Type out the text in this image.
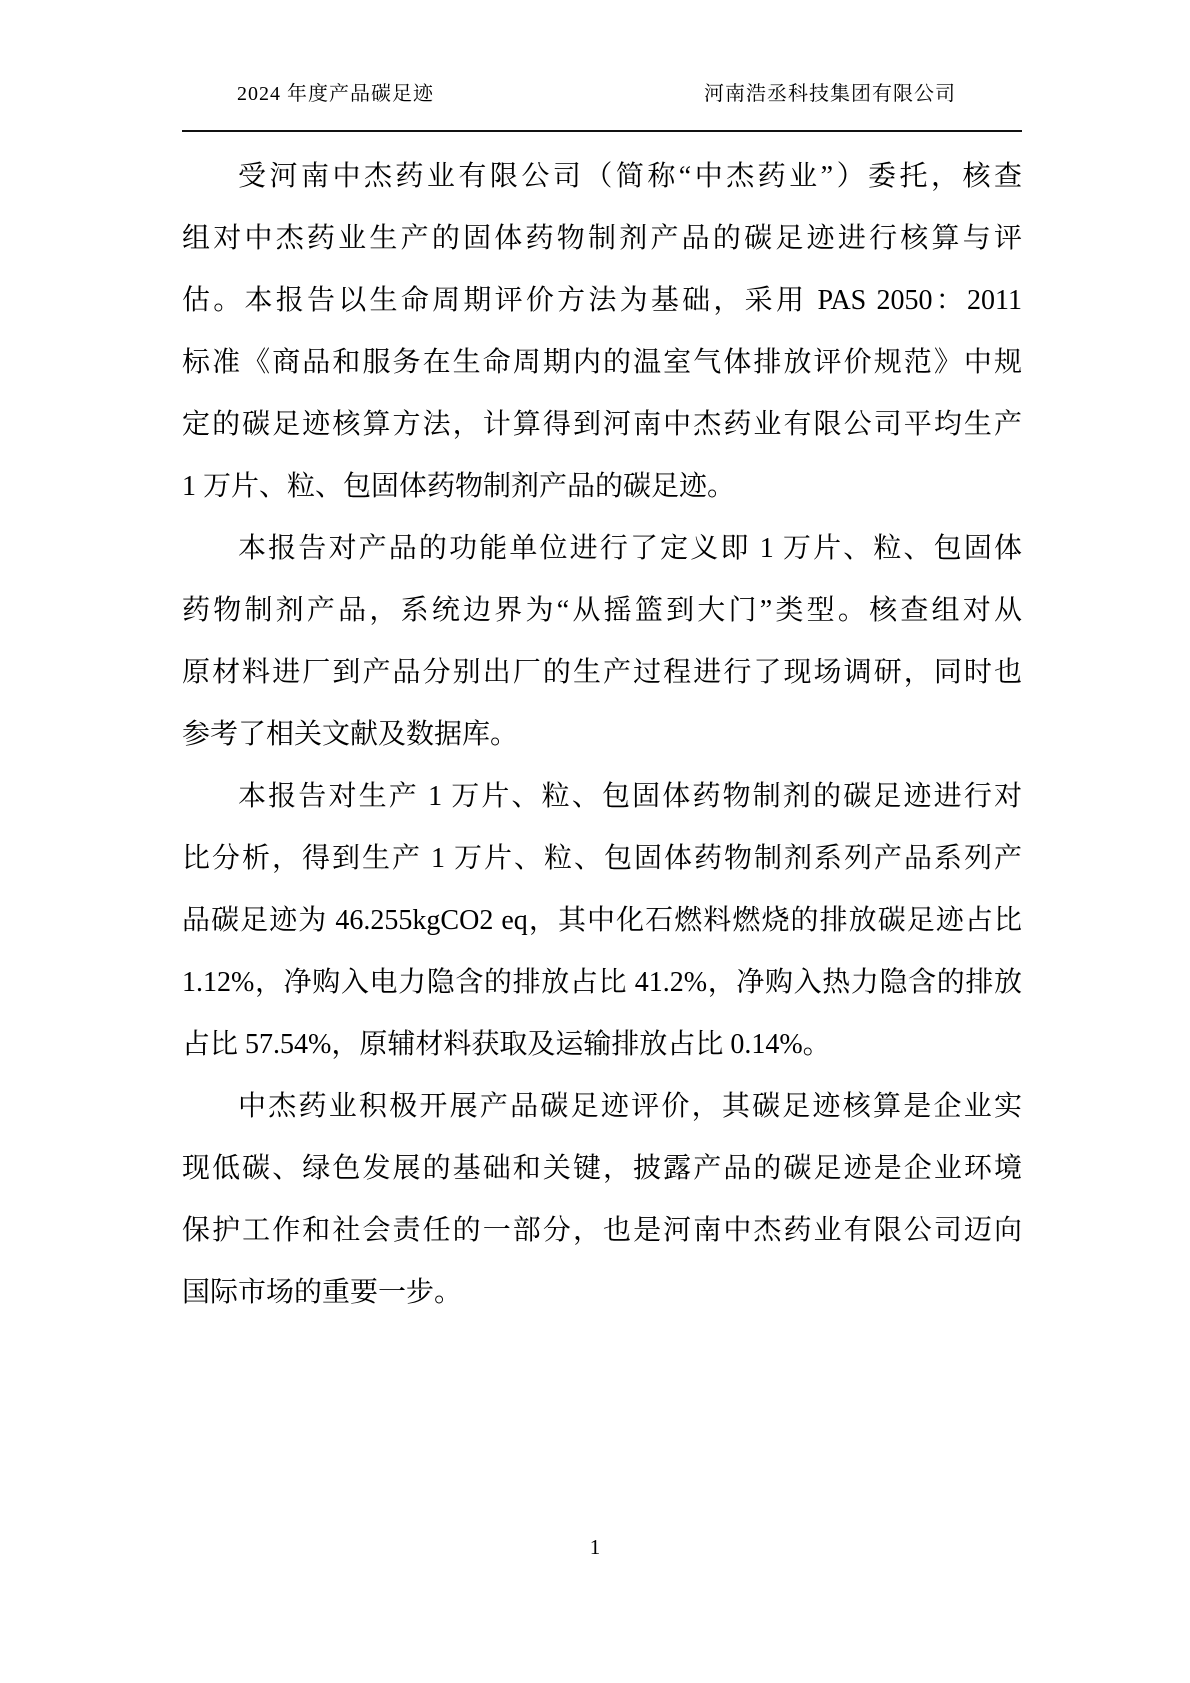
2024 年度产品碳足迹	河南浩丞科技集团有限公司
受河南中杰药业有限公司（简称“中杰药业”）委托，核查
组对中杰药业生产的固体药物制剂产品的碳足迹进行核算与评
估。本报告以生命周期评价方法为基础，采用 PAS 2050：2011
标准《商品和服务在生命周期内的温室气体排放评价规范》中规
定的碳足迹核算方法，计算得到河南中杰药业有限公司平均生产
1 万片、粒、包固体药物制剂产品的碳足迹。
本报告对产品的功能单位进行了定义即 1 万片、粒、包固体
药物制剂产品，系统边界为“从摇篮到大门”类型。核查组对从
原材料进厂到产品分别出厂的生产过程进行了现场调研，同时也
参考了相关文献及数据库。
本报告对生产 1 万片、粒、包固体药物制剂的碳足迹进行对
比分析，得到生产 1 万片、粒、包固体药物制剂系列产品系列产
品碳足迹为 46.255kgCO2 eq，其中化石燃料燃烧的排放碳足迹占比
1.12%，净购入电力隐含的排放占比 41.2%，净购入热力隐含的排放
占比 57.54%，原辅材料获取及运输排放占比 0.14%。
中杰药业积极开展产品碳足迹评价，其碳足迹核算是企业实
现低碳、绿色发展的基础和关键，披露产品的碳足迹是企业环境
保护工作和社会责任的一部分，也是河南中杰药业有限公司迈向
国际市场的重要一步。
1
